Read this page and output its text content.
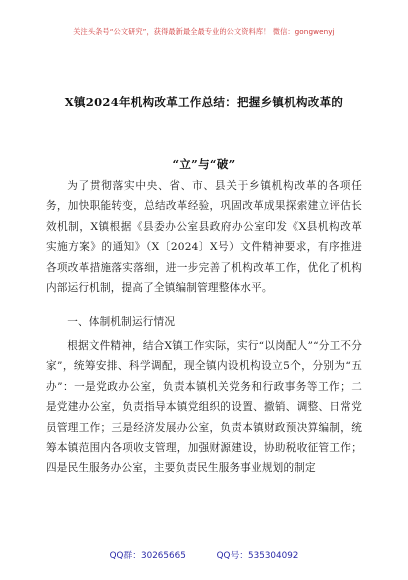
关注头条号“公文研究”，获得最新最全最专业的公文资料库！ 微信：gongwenyj
X镇2024年机构改革工作总结：把握乡镇机构改革的
“立”与“破”

为了贯彻落实中央、省、市、县关于乡镇机构改革的各项任务，加快职能转变，总结改革经验，巩固改革成果探索建立评估长效机制，X镇根据《县委办公室县政府办公室印发《X县机构改革实施方案》的通知》（X〔2024〕X号）文件精神要求，有序推进各项改革措施落实落细，进一步完善了机构改革工作，优化了机构内部运行机制，提高了全镇编制管理整体水平。

一、体制机制运行情况

根据文件精神，结合X镇工作实际，实行“以岗配人”“分工不分家”，统筹安排、科学调配，现全镇内设机构设立5个，分别为“五办”：一是党政办公室，负责本镇机关党务和行政事务等工作；二是党建办公室，负责指导本镇党组织的设置、撤销、调整、日常党员管理工作；三是经济发展办公室，负责本镇财政预决算编制，统筹本镇范围内各项收支管理，加强财源建设，协助税收征管工作；四是民生服务办公室，主要负责民生服务事业规划的制定

QQ群：30265665	QQ号：535304092
